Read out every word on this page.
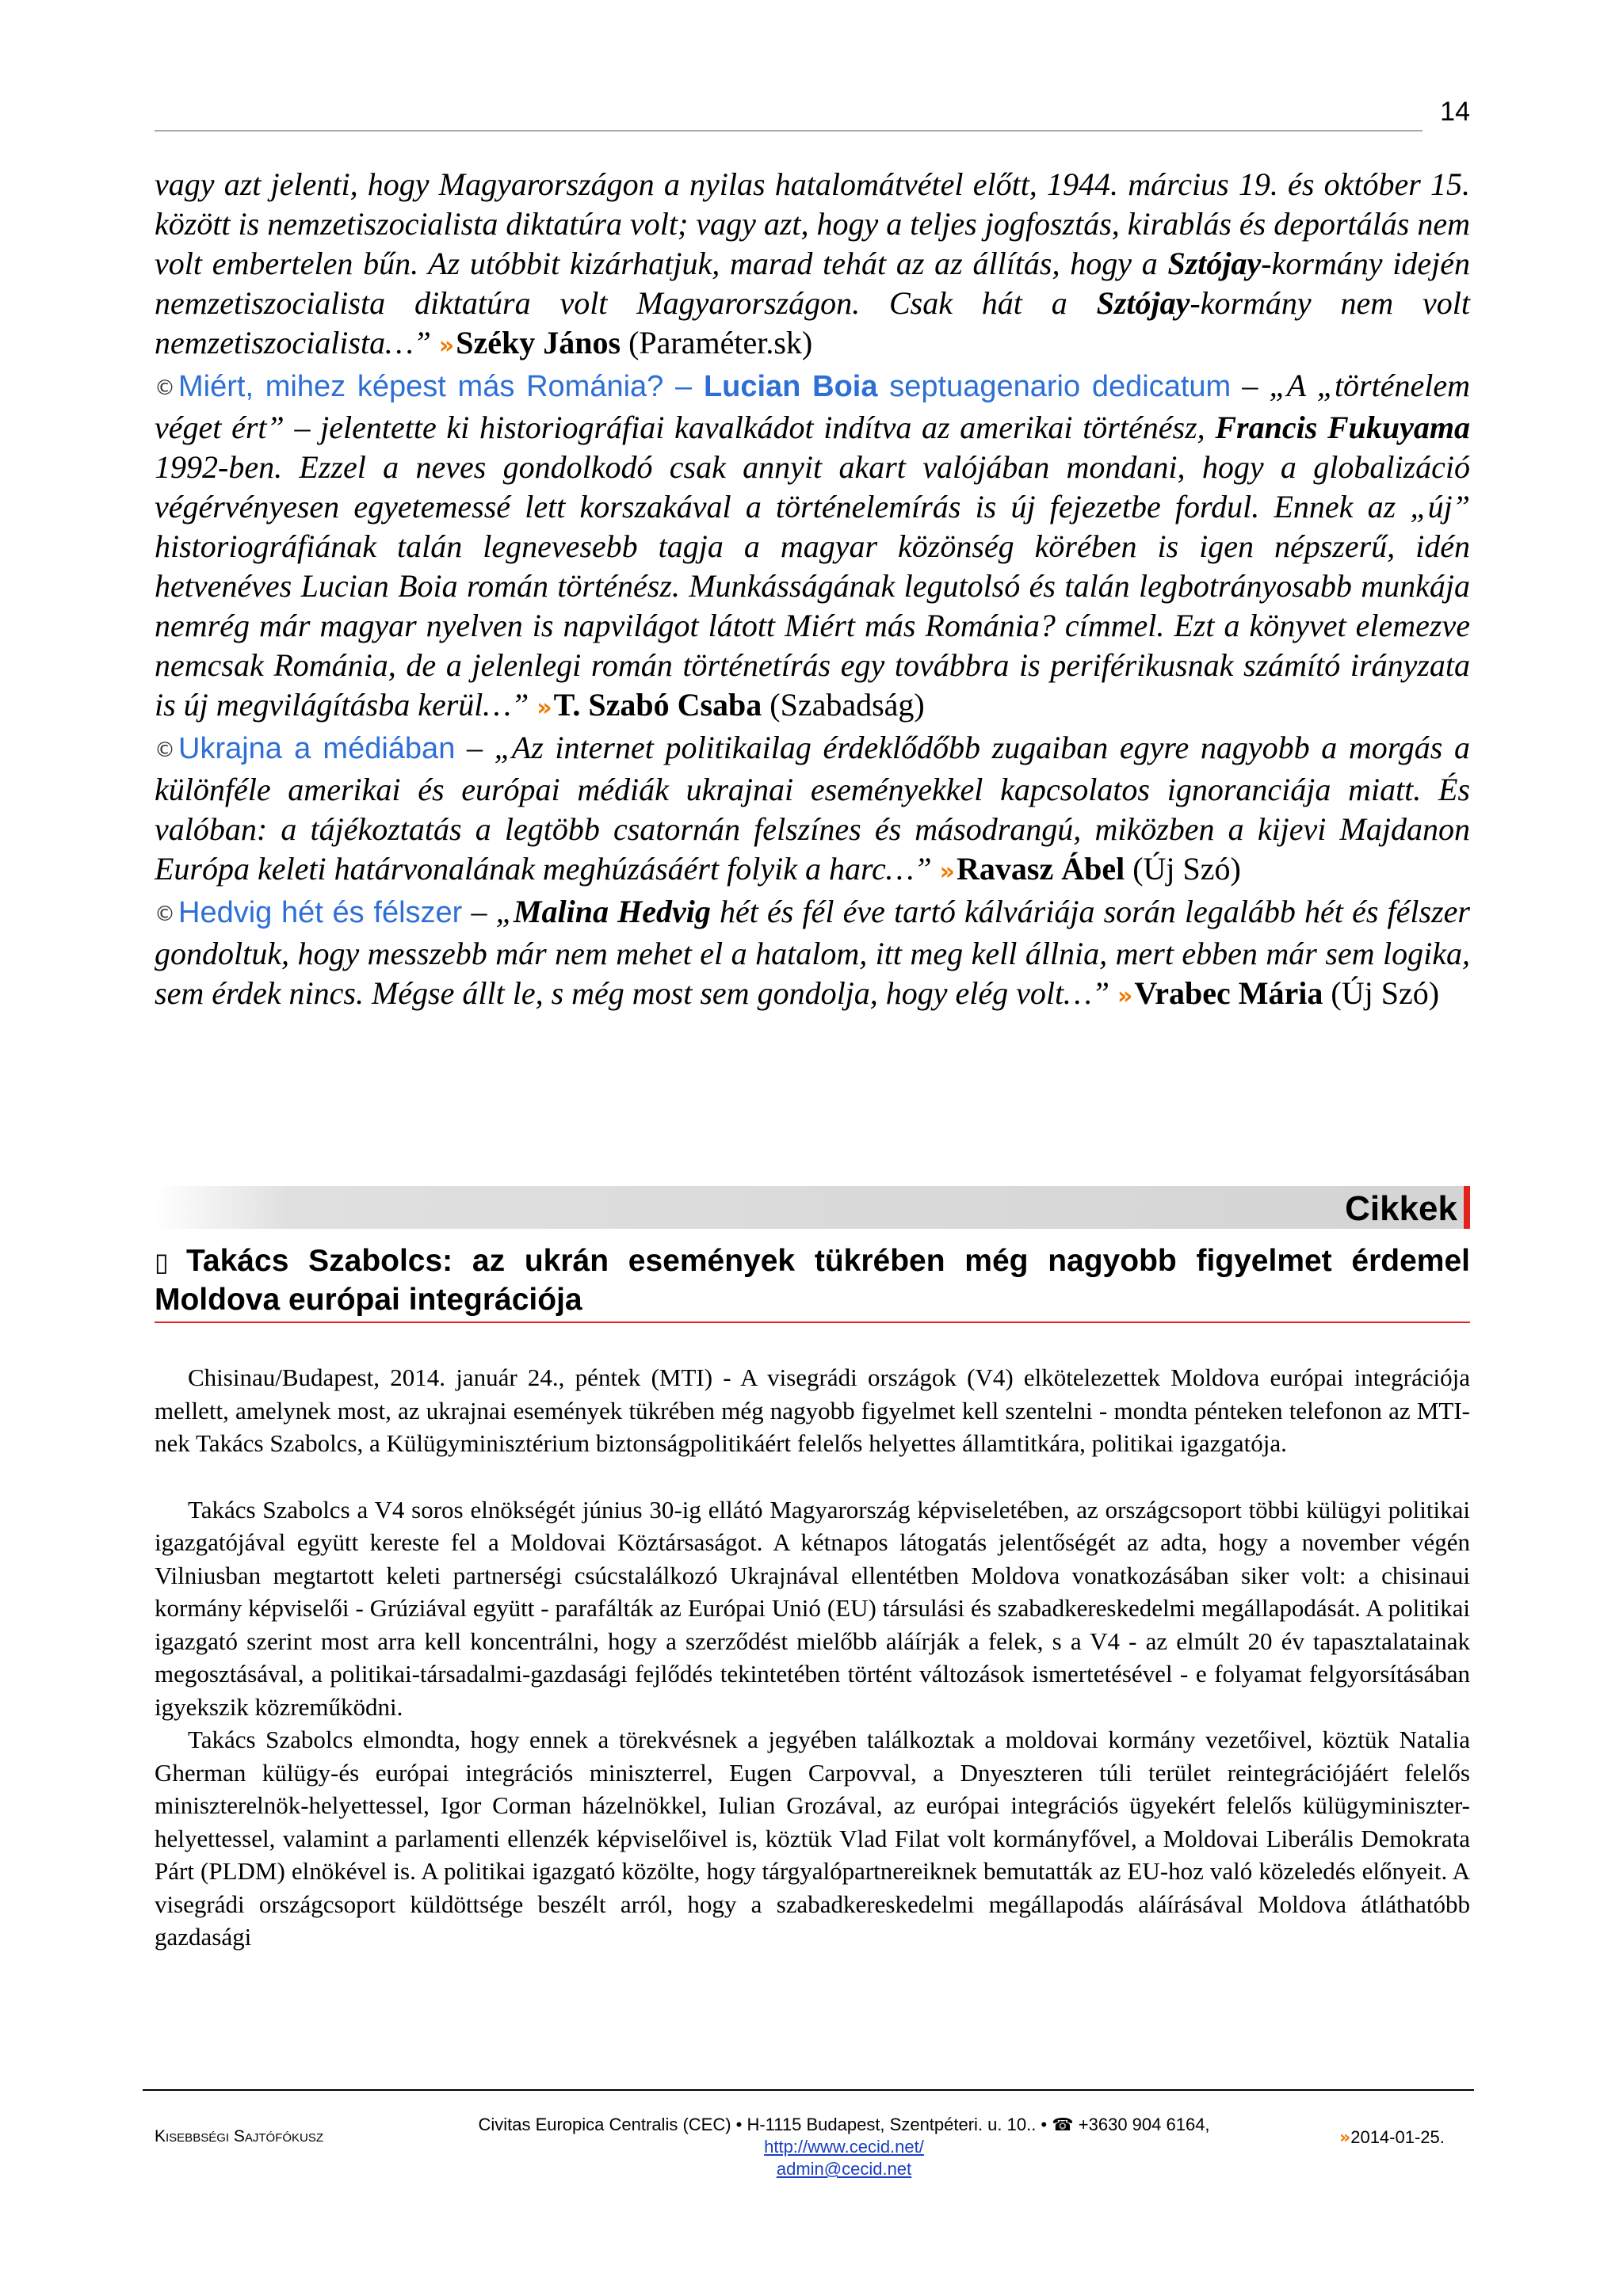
14

vagy azt jelenti, hogy Magyarországon a nyilas hatalomátvétel előtt, 1944. március 19. és október 15. között is nemzetiszocialista diktatúra volt; vagy azt, hogy a teljes jogfosztás, kirablás és deportálás nem volt embertelen bűn. Az utóbbit kizárhatjuk, marad tehát az az állítás, hogy a Sztójay-kormány idején nemzetiszocialista diktatúra volt Magyarországon. Csak hát a Sztójay-kormány nem volt nemzetiszocialista…” » Széky János (Paraméter.sk)

© Miért, mihez képest más Románia? – Lucian Boia septuagenario dedicatum – „A „történelem véget ért” – jelentette ki historiográfiai kavalkádot indítva az amerikai történész, Francis Fukuyama 1992-ben. Ezzel a neves gondolkodó csak annyit akart valójában mondani, hogy a globalizáció végérvényesen egyetemessé lett korszakával a történelemírás is új fejezetbe fordul. Ennek az „új” historiográfiának talán legnevesebb tagja a magyar közönség körében is igen népszerű, idén hetvenéves Lucian Boia román történész. Munkásságának legutolsó és talán legbotrányosabb munkája nemrég már magyar nyelven is napvilágot látott Miért más Románia? címmel. Ezt a könyvet elemezve nemcsak Románia, de a jelenlegi román történetírás egy továbbra is periférikusnak számító irányzata is új megvilágításba kerül…” » T. Szabó Csaba (Szabadság)

© Ukrajna a médiában – „Az internet politikailag érdeklődőbb zugaiban egyre nagyobb a morgás a különféle amerikai és európai médiák ukrajnai eseményekkel kapcsolatos ignoranciája miatt. És valóban: a tájékoztatás a legtöbb csatornán felszínes és másodrangú, miközben a kijevi Majdanon Európa keleti határvonalának meghúzásáért folyik a harc…” » Ravasz Ábel (Új Szó)

© Hedvig hét és félszer – „Malina Hedvig hét és fél éve tartó kálváriája során legalább hét és félszer gondoltuk, hogy messzebb már nem mehet el a hatalom, itt meg kell állnia, mert ebben már sem logika, sem érdek nincs. Mégse állt le, s még most sem gondolja, hogy elég volt…” » Vrabec Mária (Új Szó)

Cikkek
▯ Takács Szabolcs: az ukrán események tükrében még nagyobb figyelmet érdemel Moldova európai integrációja

Chisinau/Budapest, 2014. január 24., péntek (MTI) - A visegrádi országok (V4) elkötelezettek Moldova európai integrációja mellett, amelynek most, az ukrajnai események tükrében még nagyobb figyelmet kell szentelni - mondta pénteken telefonon az MTI-nek Takács Szabolcs, a Külügyminisztérium biztonságpolitikáért felelős helyettes államtitkára, politikai igazgatója.

Takács Szabolcs a V4 soros elnökségét június 30-ig ellátó Magyarország képviseletében, az országcsoport többi külügyi politikai igazgatójával együtt kereste fel a Moldovai Köztársaságot. A kétnapos látogatás jelentőségét az adta, hogy a november végén Vilniusban megtartott keleti partnerségi csúcstalálkozó Ukrajnával ellentétben Moldova vonatkozásában siker volt: a chisinaui kormány képviselői - Grúziával együtt - parafálták az Európai Unió (EU) társulási és szabadkereskedelmi megállapodását. A politikai igazgató szerint most arra kell koncentrálni, hogy a szerződést mielőbb aláírják a felek, s a V4 - az elmúlt 20 év tapasztalatainak megosztásával, a politikai-társadalmi-gazdasági fejlődés tekintetében történt változások ismertetésével - e folyamat felgyorsításában igyekszik közreműködni.

Takács Szabolcs elmondta, hogy ennek a törekvésnek a jegyében találkoztak a moldovai kormány vezetőivel, köztük Natalia Gherman külügy-és európai integrációs miniszterrel, Eugen Carpovval, a Dnyeszteren túli terület reintegrációjáért felelős miniszterelnök-helyettessel, Igor Corman házelnökkel, Iulian Grozával, az európai integrációs ügyekért felelős külügyminiszter-helyettessel, valamint a parlamenti ellenzék képviselőivel is, köztük Vlad Filat volt kormányfővel, a Moldovai Liberális Demokrata Párt (PLDM) elnökével is. A politikai igazgató közölte, hogy tárgyalópartnereiknek bemutatták az EU-hoz való közeledés előnyeit. A visegrádi országcsoport küldöttsége beszélt arról, hogy a szabadkereskedelmi megállapodás aláírásával Moldova átláthatóbb gazdasági

Kisebbségi Sajtófókusz
Civitas Europica Centralis (CEC) • H-1115 Budapest, Szentpéteri. u. 10.. • ☎ +3630 904 6164,
http://www.cecid.net/
admin@cecid.net
» 2014-01-25.
